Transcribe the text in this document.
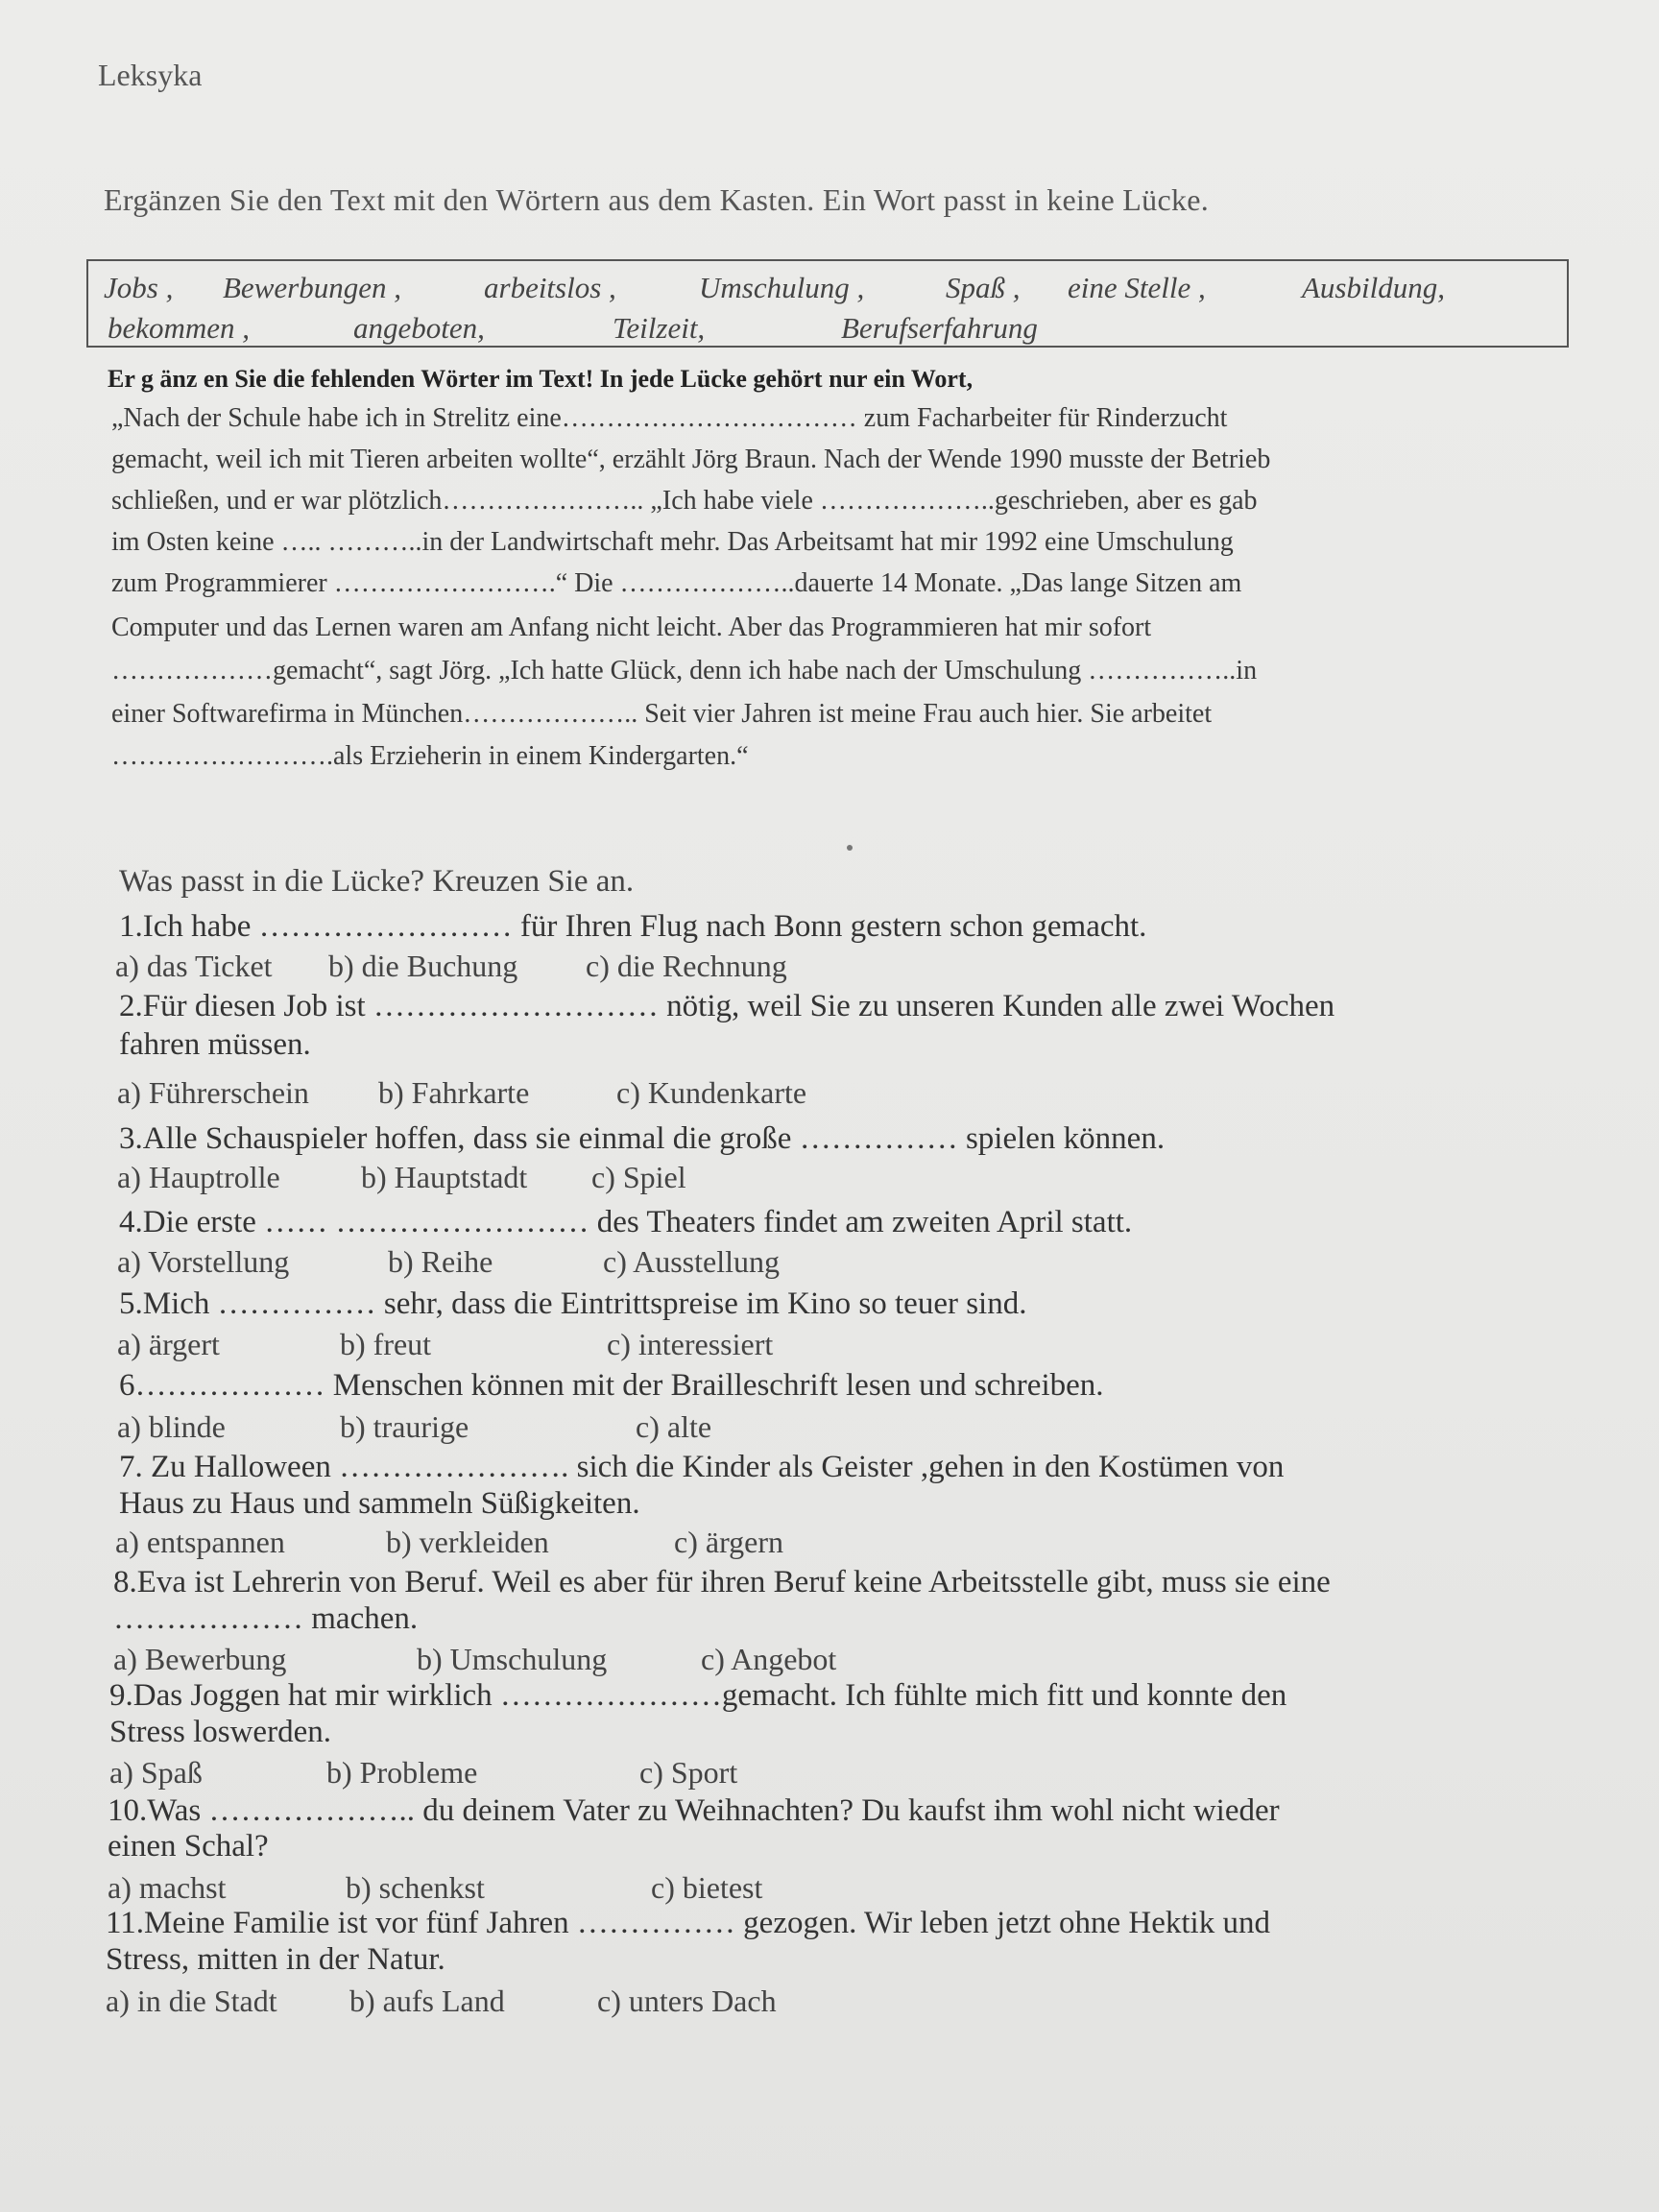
Leksyka
Ergänzen Sie den Text mit den Wörtern aus dem Kasten. Ein Wort passt in keine Lücke.
Jobs , Bewerbungen ,	arbeitslos ,	Umschulung ,	Spaß , eine Stelle ,	Ausbildung,
bekommen ,	angeboten,	Teilzeit,	Berufserfahrung
Er g änz en Sie die fehlenden Wörter im Text! In jede Lücke gehört nur ein Wort,
„Nach der Schule habe ich in Strelitz eine…………………………… zum Facharbeiter für Rinderzucht
gemacht, weil ich mit Tieren arbeiten wollte“, erzählt Jörg Braun. Nach der Wende 1990 musste der Betrieb
schließen, und er war plötzlich………………….. „Ich habe viele ………………..geschrieben, aber es gab
im Osten keine ….. ………..in der Landwirtschaft mehr. Das Arbeitsamt hat mir 1992 eine Umschulung
zum Programmierer …………………….“ Die ………………..dauerte 14 Monate. „Das lange Sitzen am
Computer und das Lernen waren am Anfang nicht leicht. Aber das Programmieren hat mir sofort
………………gemacht“, sagt Jörg. „Ich hatte Glück, denn ich habe nach der Umschulung ……………..in
einer Softwarefirma in München……………….. Seit vier Jahren ist meine Frau auch hier. Sie arbeitet
…………………….als Erzieherin in einem Kindergarten.“
Was passt in die Lücke? Kreuzen Sie an.
1.Ich habe …………………… für Ihren Flug nach Bonn gestern schon gemacht.
a) das Ticket b) die Buchung c) die Rechnung
2.Für diesen Job ist ……………………… nötig, weil Sie zu unseren Kunden alle zwei Wochen
fahren müssen.
a) Führerschein b) Fahrkarte	c) Kundenkarte
3.Alle Schauspieler hoffen, dass sie einmal die große …………… spielen können.
a) Hauptrolle	b) Hauptstadt c) Spiel
4.Die erste …… …………………… des Theaters findet am zweiten April statt.
a) Vorstellung	b) Reihe	c) Ausstellung
5.Mich …………… sehr, dass die Eintrittspreise im Kino so teuer sind.
a) ärgert	b) freut	c) interessiert
6……………… Menschen können mit der Brailleschrift lesen und schreiben.
a) blinde	b) traurige	c) alte
7. Zu Halloween …………………. sich die Kinder als Geister ,gehen in den Kostümen von
Haus zu Haus und sammeln Süßigkeiten.
a) entspannen	b) verkleiden	c) ärgern
8.Eva ist Lehrerin von Beruf. Weil es aber für ihren Beruf keine Arbeitsstelle gibt, muss sie eine
……………… machen.
a) Bewerbung	b) Umschulung	c) Angebot
9.Das Joggen hat mir wirklich …………………gemacht. Ich fühlte mich fitt und konnte den
Stress loswerden.
a) Spaß	b) Probleme	c) Sport
10.Was ……………….. du deinem Vater zu Weihnachten? Du kaufst ihm wohl nicht wieder
einen Schal?
a) machst	b) schenkst	c) bietest
11.Meine Familie ist vor fünf Jahren …………… gezogen. Wir leben jetzt ohne Hektik und
Stress, mitten in der Natur.
a) in die Stadt b) aufs Land	c) unters Dach
